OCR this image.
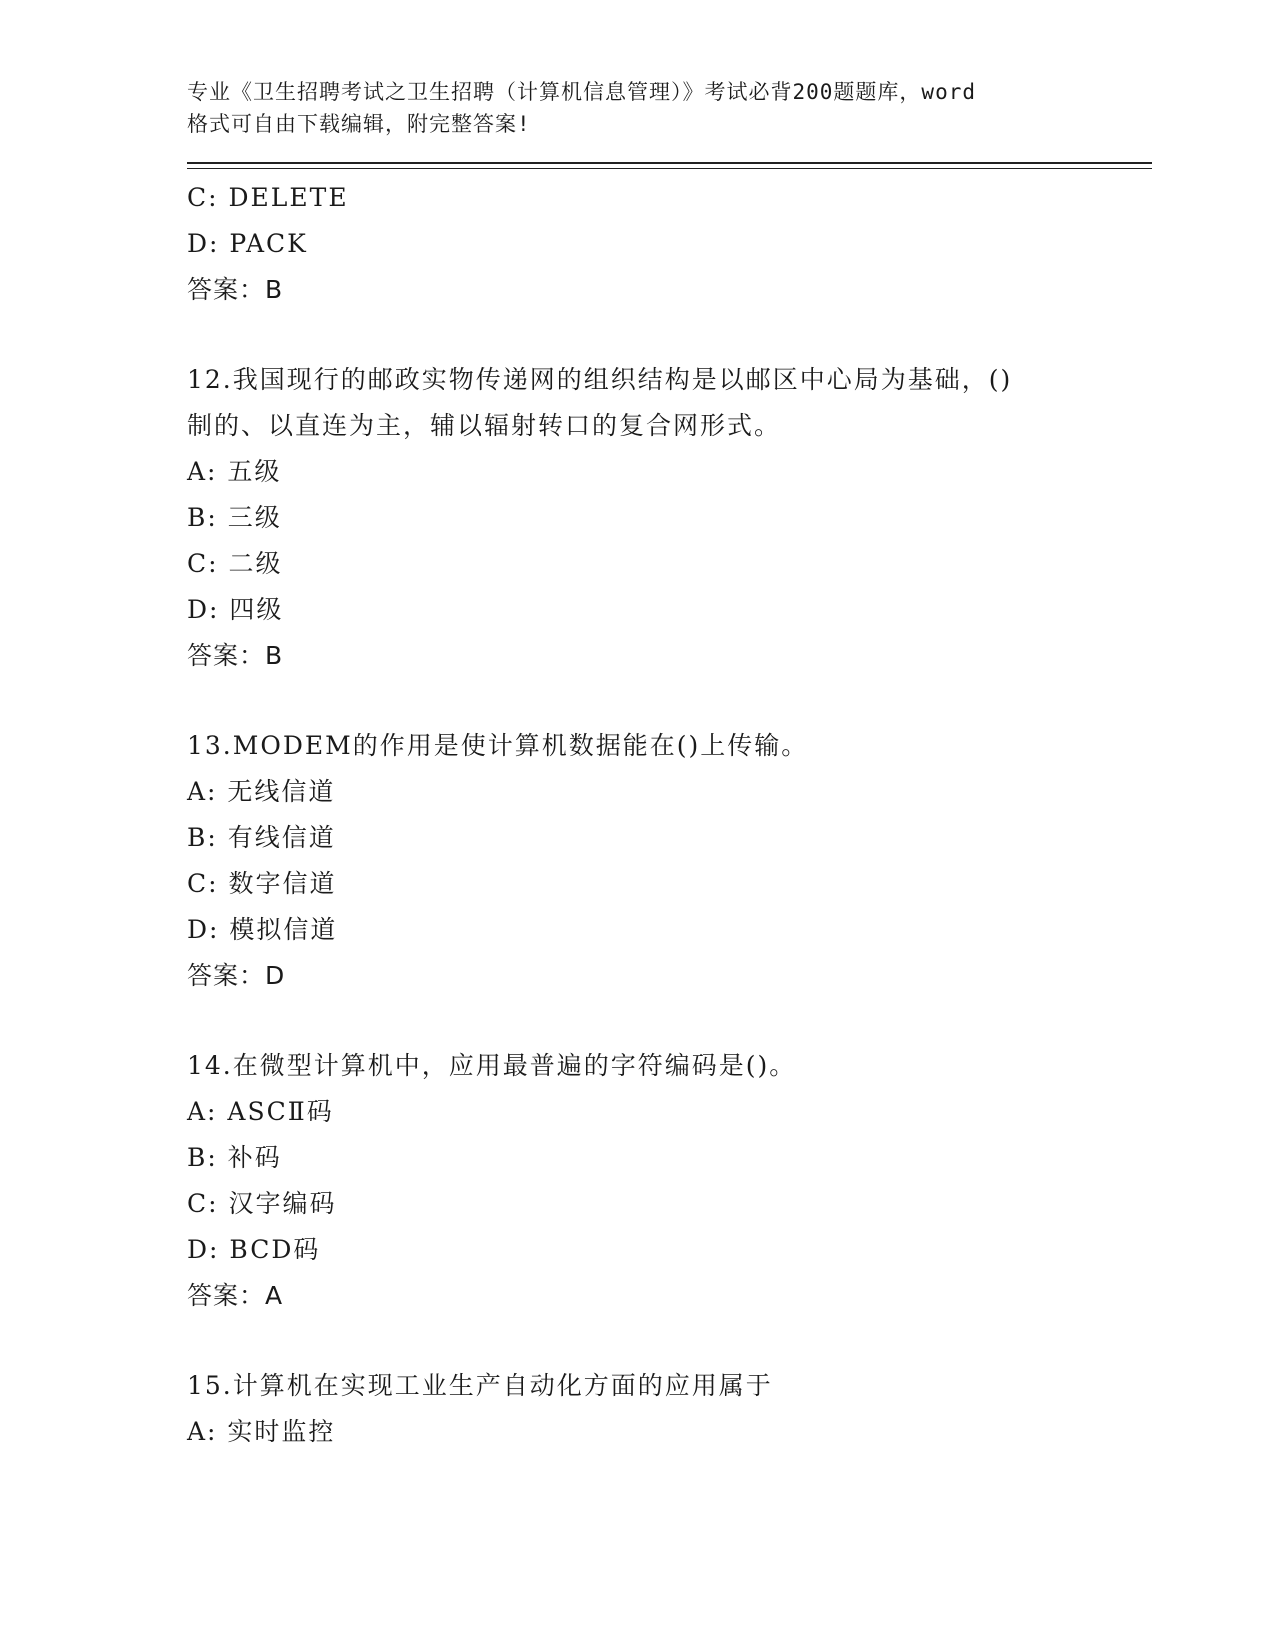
专业《卫生招聘考试之卫生招聘（计算机信息管理）》考试必背200题题库，word
格式可自由下载编辑，附完整答案!
C: DELETE
D: PACK
答案：B
12.我国现行的邮政实物传递网的组织结构是以邮区中心局为基础，()
制的、以直连为主，辅以辐射转口的复合网形式。
A: 五级
B: 三级
C: 二级
D: 四级
答案：B
13.MODEM的作用是使计算机数据能在()上传输。
A: 无线信道
B: 有线信道
C: 数字信道
D: 模拟信道
答案：D
14.在微型计算机中，应用最普遍的字符编码是()。
A: ASCⅡ码
B: 补码
C: 汉字编码
D: BCD码
答案：A
15.计算机在实现工业生产自动化方面的应用属于
A: 实时监控
